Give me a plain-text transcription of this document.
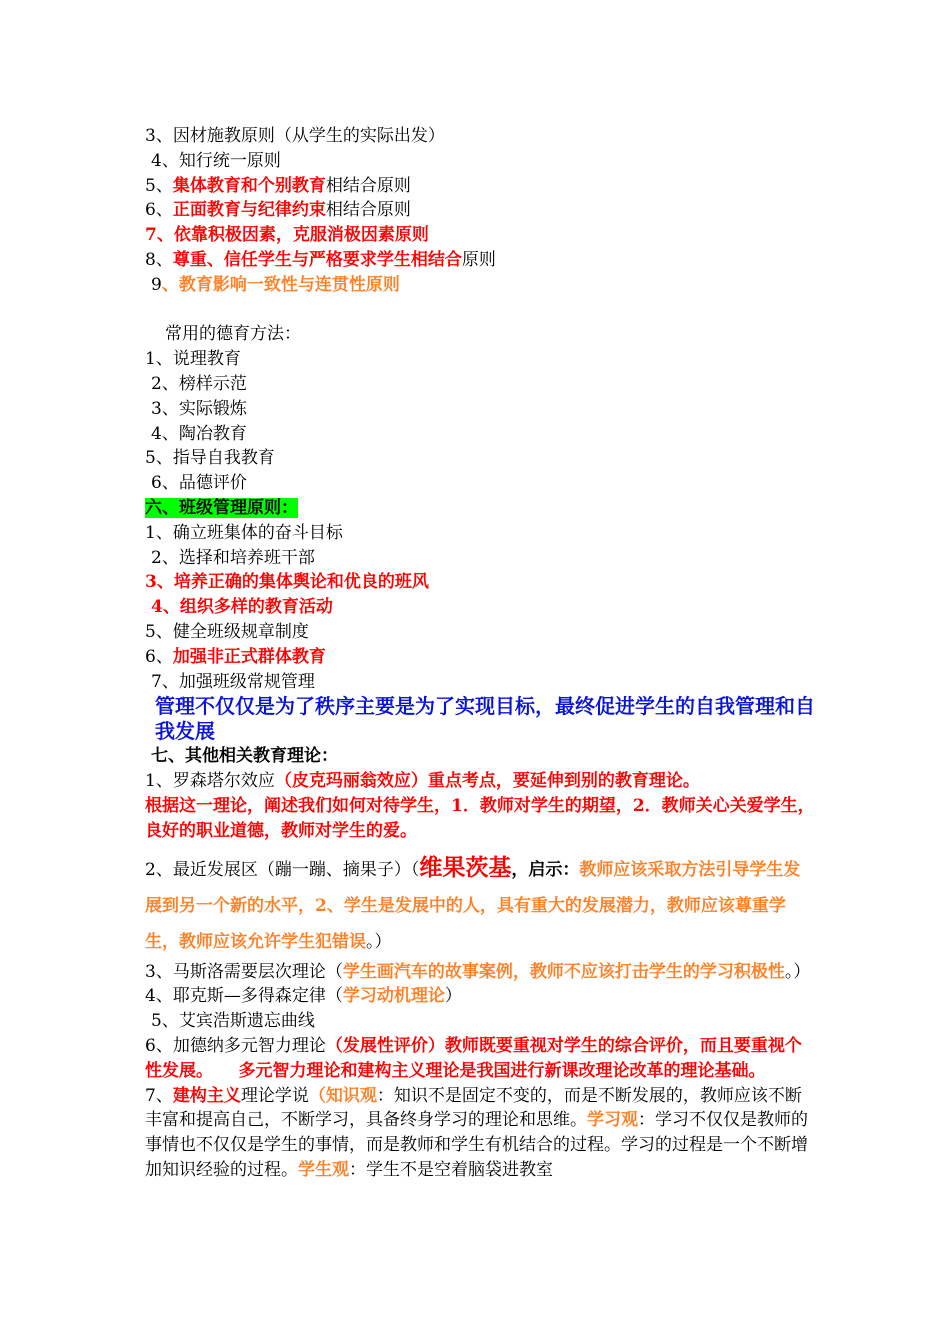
3、因材施教原则（从学生的实际出发）
4、知行统一原则
5、集体教育和个别教育相结合原则
6、正面教育与纪律约束相结合原则
7、依靠积极因素，克服消极因素原则
8、尊重、信任学生与严格要求学生相结合原则
9、教育影响一致性与连贯性原则
常用的德育方法：
1、说理教育
2、榜样示范
3、实际锻炼
4、陶冶教育
5、指导自我教育
6、品德评价
六、班级管理原则：
1、确立班集体的奋斗目标
2、选择和培养班干部
3、培养正确的集体舆论和优良的班风
4、组织多样的教育活动
5、健全班级规章制度
6、加强非正式群体教育
7、加强班级常规管理
管理不仅仅是为了秩序主要是为了实现目标，最终促进学生的自我管理和自我发展
七、其他相关教育理论：
1、罗森塔尔效应（皮克玛丽翁效应）重点考点，要延伸到别的教育理论。
根据这一理论，阐述我们如何对待学生，1．教师对学生的期望，2．教师关心关爱学生，良好的职业道德，教师对学生的爱。
2、最近发展区（蹦一蹦、摘果子）（维果茨基，启示：教师应该采取方法引导学生发展到另一个新的水平，2、学生是发展中的人，具有重大的发展潜力，教师应该尊重学生，教师应该允许学生犯错误。）
3、马斯洛需要层次理论（学生画汽车的故事案例，教师不应该打击学生的学习积极性。）
4、耶克斯—多得森定律（学习动机理论）
5、艾宾浩斯遗忘曲线
6、加德纳多元智力理论（发展性评价）教师既要重视对学生的综合评价，而且要重视个性发展。　　多元智力理论和建构主义理论是我国进行新课改理论改革的理论基础。
7、建构主义理论学说（知识观：知识不是固定不变的，而是不断发展的，教师应该不断丰富和提高自己，不断学习，具备终身学习的理论和思维。学习观：学习不仅仅是教师的事情也不仅仅是学生的事情，而是教师和学生有机结合的过程。学习的过程是一个不断增加知识经验的过程。学生观：学生不是空着脑袋进教室
